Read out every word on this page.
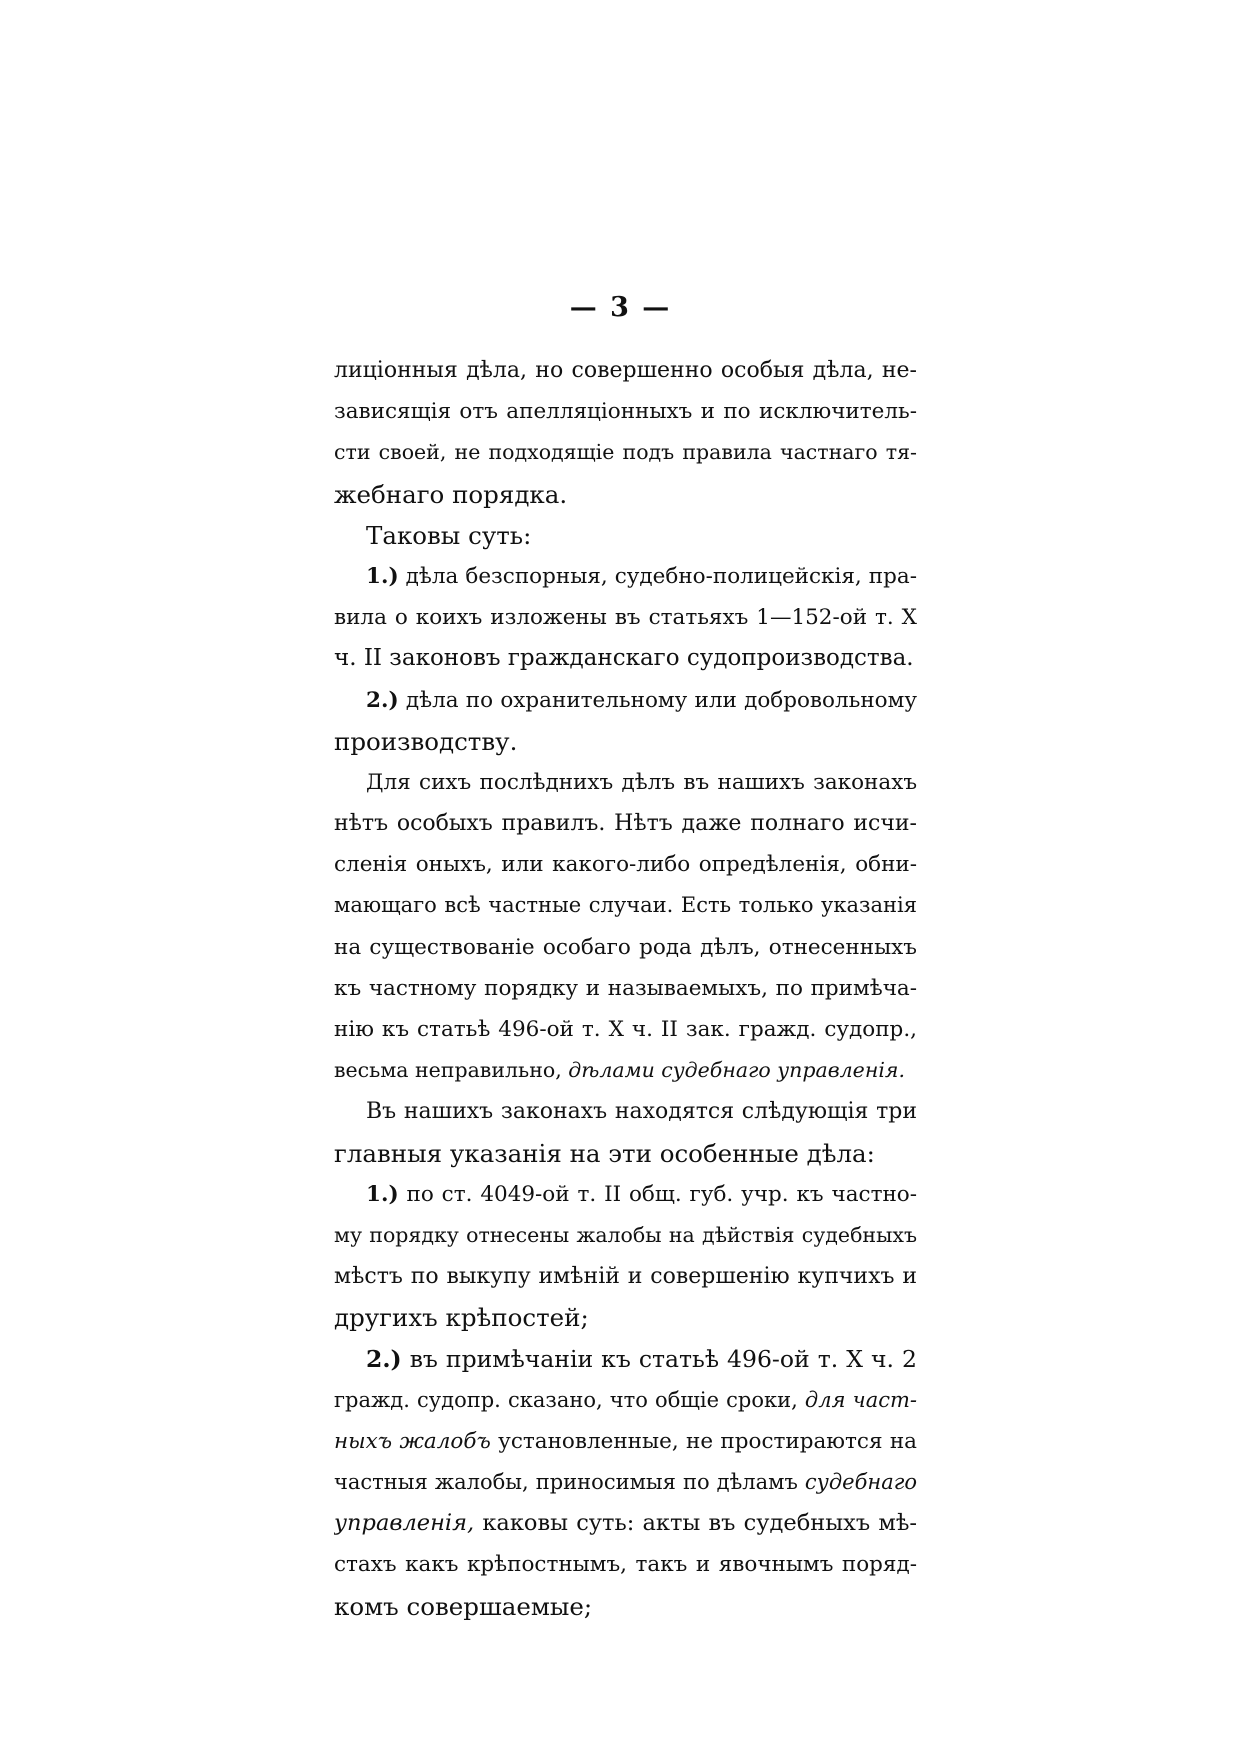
— 3 —
лицiонныя дѣла, но совершенно особыя дѣла, не-
зависящiя отъ апелляцiонныхъ и по исключитель-
сти своей, не подходящiе подъ правила частнаго тя-
жебнаго порядка.
Таковы суть:
1.) дѣла безспорныя, судебно-полицейскiя, пра-
вила о коихъ изложены въ статьяхъ 1—152-ой т. X
ч. II законовъ гражданскаго судопроизводства.
2.) дѣла по охранительному или добровольному
производству.
Для сихъ послѣднихъ дѣлъ въ нашихъ законахъ
нѣтъ особыхъ правилъ. Нѣтъ даже полнаго исчи-
сленiя оныхъ, или какого-либо опредѣленiя, обни-
мающаго всѣ частные случаи. Есть только указанiя
на существованiе особаго рода дѣлъ, отнесенныхъ
къ частному порядку и называемыхъ, по примѣча-
нiю къ статьѣ 496-ой т. X ч. II зак. гражд. судопр.,
весьма неправильно, дѣлами судебнаго управленiя.
Въ нашихъ законахъ находятся слѣдующiя три
главныя указанiя на эти особенные дѣла:
1.) по ст. 4049-ой т. II общ. губ. учр. къ частно-
му порядку отнесены жалобы на дѣйствiя судебныхъ
мѣстъ по выкупу имѣнiй и совершенiю купчихъ и
другихъ крѣпостей;
2.) въ примѣчанiи къ статьѣ 496-ой т. X ч. 2
гражд. судопр. сказано, что общiе сроки, для част-
ныхъ жалобъ установленные, не простираются на
частныя жалобы, приносимыя по дѣламъ судебнаго
управленiя, каковы суть: акты въ судебныхъ мѣ-
стахъ какъ крѣпостнымъ, такъ и явочнымъ поряд-
комъ совершаемые;
